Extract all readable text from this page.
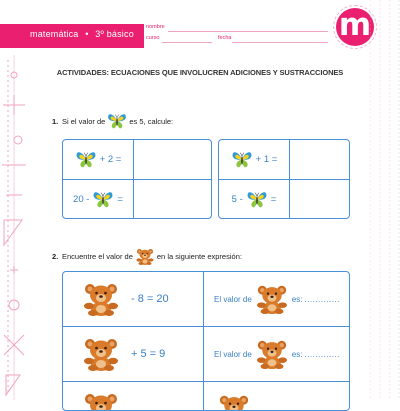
matemática • 3º básico
nombre
curso	fecha	m
ACTIVIDADES: ECUACIONES QUE INVOLUCREN ADICIONES Y SUSTRACCIONES
1. Si el valor de	es 5, calcule:
+ 2 =
20 -	=
+ 1 =
5 -	=
2. Encuentre el valor de	en la siguiente expresión:
- 8 = 20	El valor de	es: .............
+ 5 = 9	El valor de	es: .............
